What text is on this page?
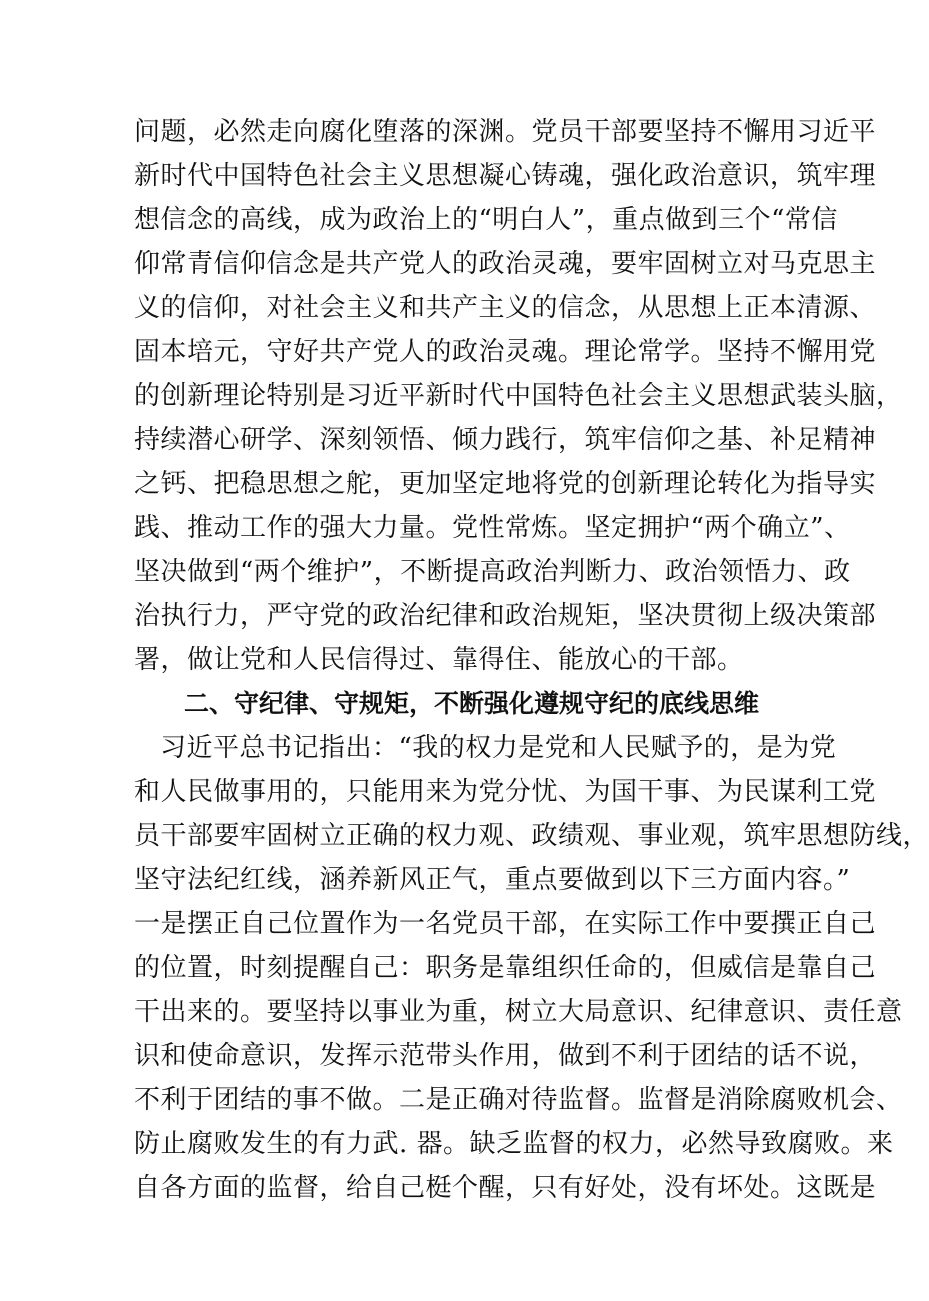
问题，必然走向腐化堕落的深渊。党员干部要坚持不懈用习近平
新时代中国特色社会主义思想凝心铸魂，强化政治意识，筑牢理
想信念的高线，成为政治上的“明白人”，重点做到三个“常信
仰常青信仰信念是共产党人的政治灵魂，要牢固树立对马克思主
义的信仰，对社会主义和共产主义的信念，从思想上正本清源、
固本培元，守好共产党人的政治灵魂。理论常学。坚持不懈用党
的创新理论特别是习近平新时代中国特色社会主义思想武装头脑，
持续潜心研学、深刻领悟、倾力践行，筑牢信仰之基、补足精神
之钙、把稳思想之舵，更加坚定地将党的创新理论转化为指导实
践、推动工作的强大力量。党性常炼。坚定拥护“两个确立”、
坚决做到“两个维护”，不断提高政治判断力、政治领悟力、政
治执行力，严守党的政治纪律和政治规矩，坚决贯彻上级决策部
署，做让党和人民信得过、靠得住、能放心的干部。
二、守纪律、守规矩，不断强化遵规守纪的底线思维
习近平总书记指出：“我的权力是党和人民赋予的，是为党
和人民做事用的，只能用来为党分忧、为国干事、为民谋利工党
员干部要牢固树立正确的权力观、政绩观、事业观，筑牢思想防线，
坚守法纪红线，涵养新风正气，重点要做到以下三方面内容。”
一是摆正自己位置作为一名党员干部，在实际工作中要撰正自己
的位置，时刻提醒自己：职务是靠组织任命的，但威信是靠自己
干出来的。要坚持以事业为重，树立大局意识、纪律意识、责任意
识和使命意识，发挥示范带头作用，做到不利于团结的话不说，
不利于团结的事不做。二是正确对待监督。监督是消除腐败机会、
防止腐败发生的有力武. 器。缺乏监督的权力，必然导致腐败。来
自各方面的监督，给自己梃个醒，只有好处，没有坏处。这既是
